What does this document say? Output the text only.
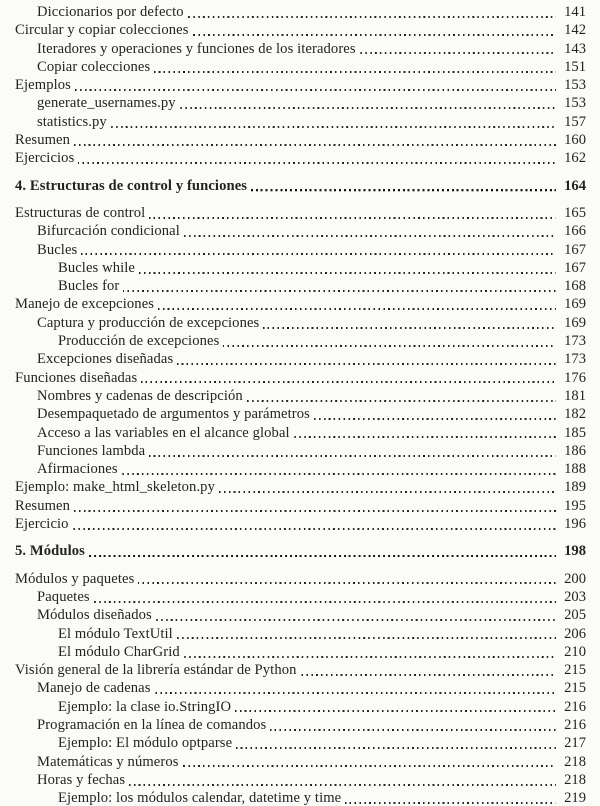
Diccionarios por defecto	141
Circular y copiar colecciones	142
Iteradores y operaciones y funciones de los iteradores	143
Copiar colecciones	151
Ejemplos	153
generate_usernames.py	153
statistics.py	157
Resumen	160
Ejercicios	162
4. Estructuras de control y funciones	164
Estructuras de control	165
Bifurcación condicional	166
Bucles	167
Bucles while	167
Bucles for	168
Manejo de excepciones	169
Captura y producción de excepciones	169
Producción de excepciones	173
Excepciones diseñadas	173
Funciones diseñadas	176
Nombres y cadenas de descripción	181
Desempaquetado de argumentos y parámetros	182
Acceso a las variables en el alcance global	185
Funciones lambda	186
Afirmaciones	188
Ejemplo: make_html_skeleton.py	189
Resumen	195
Ejercicio	196
5. Módulos	198
Módulos y paquetes	200
Paquetes	203
Módulos diseñados	205
El módulo TextUtil	206
El módulo CharGrid	210
Visión general de la librería estándar de Python	215
Manejo de cadenas	215
Ejemplo: la clase io.StringIO	216
Programación en la línea de comandos	216
Ejemplo: El módulo optparse	217
Matemáticas y números	218
Horas y fechas	218
Ejemplo: los módulos calendar, datetime y time	219
